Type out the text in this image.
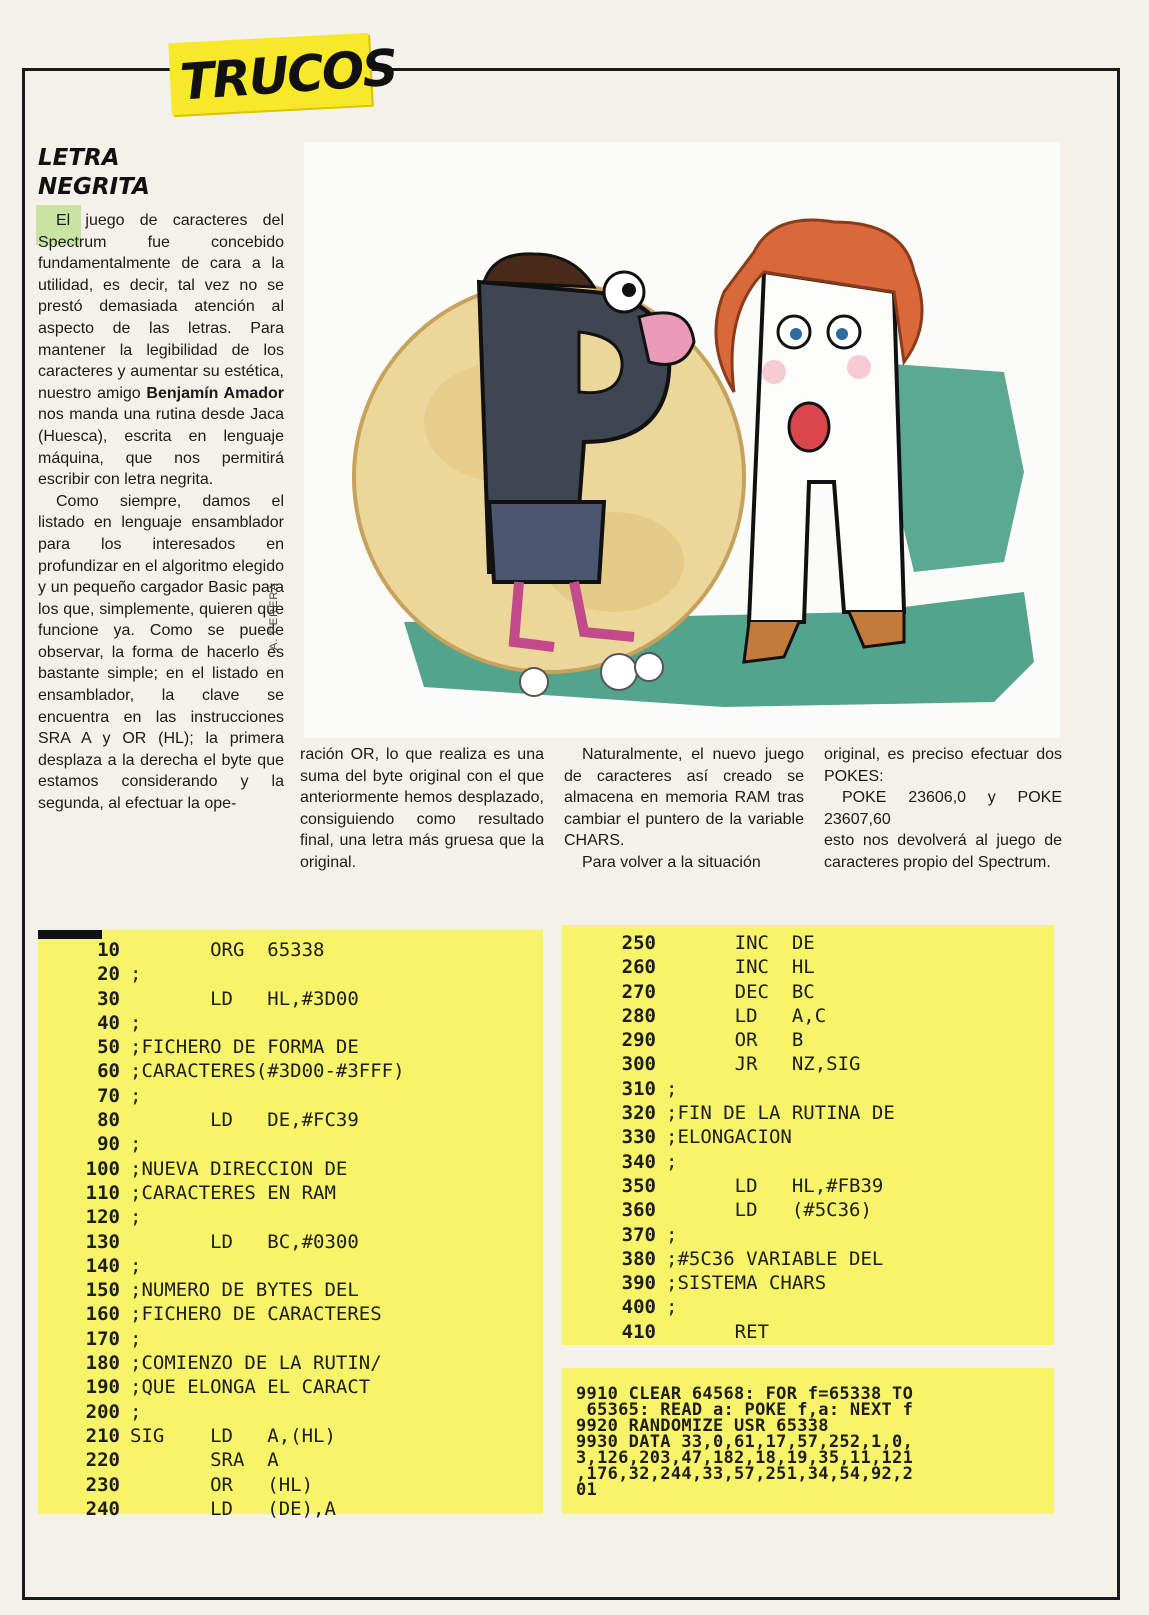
TRUCOS
LETRA
NEGRITA

El juego de caracteres del Spectrum fue concebido fundamentalmente de cara a la utilidad, es decir, tal vez no se prestó demasiada atención al aspecto de las letras. Para mantener la legibilidad de los caracteres y aumentar su estética, nuestro amigo Benjamín Amador nos manda una rutina desde Jaca (Huesca), escrita en lenguaje máquina, que nos permitirá escribir con letra negrita.

Como siempre, damos el listado en lenguaje ensamblador para los interesados en profundizar en el algoritmo elegido y un pequeño cargador Basic para los que, simplemente, quieren que funcione ya. Como se puede observar, la forma de hacerlo es bastante simple; en el listado en ensamblador, la clave se encuentra en las instrucciones SRA A y OR (HL); la primera desplaza a la derecha el byte que estamos considerando y la segunda, al efectuar la ope-

A. PERERA

ración OR, lo que realiza es una suma del byte original con el que anteriormente hemos desplazado, consiguiendo como resultado final, una letra más gruesa que la original.

Naturalmente, el nuevo juego de caracteres así creado se almacena en memoria RAM tras cambiar el puntero de la variable CHARS.

Para volver a la situación

original, es preciso efectuar dos POKES:

POKE 23606,0 y POKE 23607,60

esto nos devolverá al juego de caracteres propio del Spectrum.

10 ORG  65338
20 ;
30 LD   HL,#3D00
40 ;
50 ;FICHERO DE FORMA DE
60 ;CARACTERES(#3D00-#3FFF)
70 ;
80 LD   DE,#FC39
90 ;
100 ;NUEVA DIRECCION DE
110 ;CARACTERES EN RAM
120 ;
130 LD   BC,#0300
140 ;
150 ;NUMERO DE BYTES DEL
160 ;FICHERO DE CARACTERES
170 ;
180 ;COMIENZO DE LA RUTIN/
190 ;QUE ELONGA EL CARACT
200 ;
210 SIG    LD   A,(HL)
220 SRA  A
230 OR   (HL)
240 LD   (DE),A
250 INC  DE
260 INC  HL
270 DEC  BC
280 LD   A,C
290 OR   B
300 JR   NZ,SIG
310 ;
320 ;FIN DE LA RUTINA DE
330 ;ELONGACION
340 ;
350 LD   HL,#FB39
360 LD   (#5C36)
370 ;
380 ;#5C36 VARIABLE DEL
390 ;SISTEMA CHARS
400 ;
410 RET
9910 CLEAR 64568: FOR f=65338 TO
65365: READ a: POKE f,a: NEXT f
9920 RANDOMIZE USR 65338
9930 DATA 33,0,61,17,57,252,1,0,
3,126,203,47,182,18,19,35,11,121
,176,32,244,33,57,251,34,54,92,2
01
